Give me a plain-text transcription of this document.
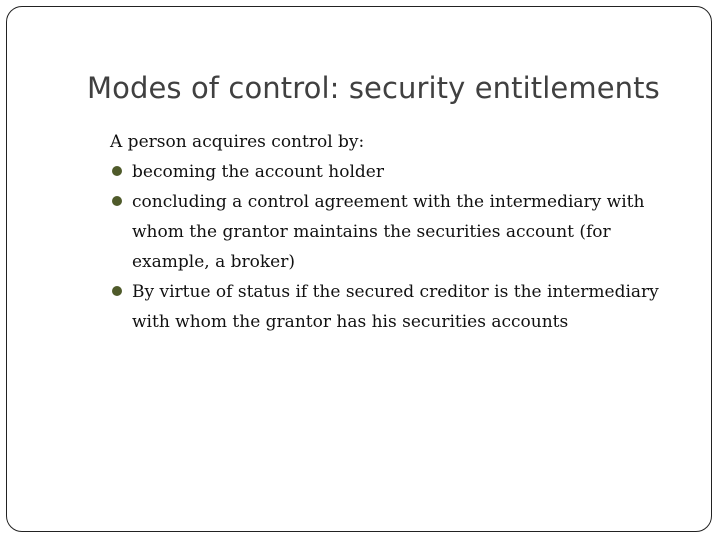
Modes of control: security entitlements

A person acquires control by:

becoming the account holder
concluding a control agreement with the intermediary with whom the grantor maintains the securities account (for example, a broker)
By virtue of status if the secured creditor is the intermediary with whom the grantor has his securities accounts
